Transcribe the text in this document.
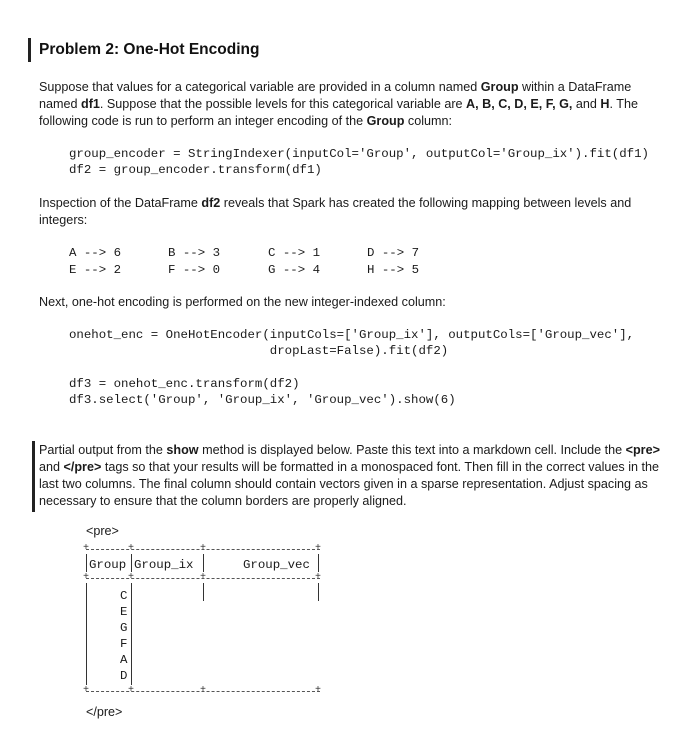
Problem 2: One-Hot Encoding
Suppose that values for a categorical variable are provided in a column named Group within a DataFrame named df1. Suppose that the possible levels for this categorical variable are A, B, C, D, E, F, G, and H. The following code is run to perform an integer encoding of the Group column:
group_encoder = StringIndexer(inputCol='Group', outputCol='Group_ix').fit(df1)
df2 = group_encoder.transform(df1)
Inspection of the DataFrame df2 reveals that Spark has created the following mapping between levels and integers:
A --> 6	B --> 3	C --> 1	D --> 7
E --> 2	F --> 0	G --> 4	H --> 5
Next, one-hot encoding is performed on the new integer-indexed column:
onehot_enc = OneHotEncoder(inputCols=['Group_ix'], outputCols=['Group_vec'],
dropLast=False).fit(df2)
df3 = onehot_enc.transform(df2)
df3.select('Group', 'Group_ix', 'Group_vec').show(6)
Partial output from the show method is displayed below. Paste this text into a markdown cell. Include the <pre> and </pre> tags so that your results will be formatted in a monospaced font. Then fill in the correct values in the last two columns. The final column should contain vectors given in a sparse representation. Adjust spacing as necessary to ensure that the column borders are properly aligned.
<pre>
+	+	+	+
+	+	+	+
+	+	+	+
Group Group_ix	Group_vec
C
E
G
F
A
D
</pre>
